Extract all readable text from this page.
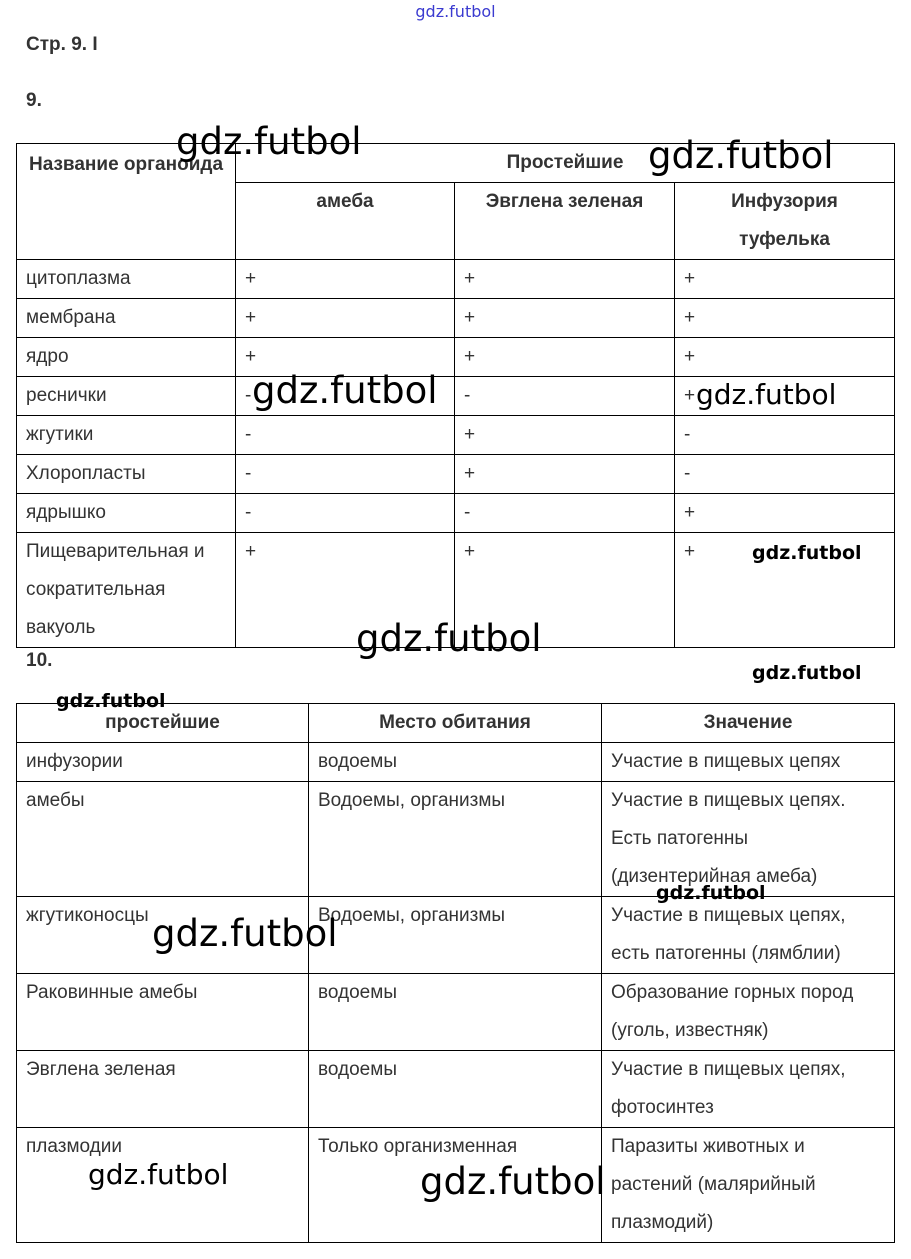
gdz.futbol
Стр. 9. I
9.
Название органоида	Простейшие		
	амеба	Эвглена зеленая	Инфузория туфелька
цитоплазма	+	+	+
мембрана	+	+	+
ядро	+	+	+
реснички	-	-	+
жгутики	-	+	-
Хлоропласты	-	+	-
ядрышко	-	-	+
Пищеварительная и сократительная вакуоль	+	+	+
10.
простейшие	Место обитания	Значение
инфузории	водоемы	Участие в пищевых цепях
амебы	Водоемы, организмы	Участие в пищевых цепях. Есть патогенны (дизентерийная амеба)
жгутиконосцы	Водоемы, организмы	Участие в пищевых цепях, есть патогенны (лямблии)
Раковинные амебы	водоемы	Образование горных пород (уголь, известняк)
Эвглена зеленая	водоемы	Участие в пищевых цепях, фотосинтез
плазмодии	Только организменная	Паразиты животных и растений (малярийный плазмодий)
gdz.futbol	gdz.futbol
gdz.futbol	gdz.futbol
gdz.futbol
gdz.futbol
gdz.futbol
gdz.futbol
gdz.futbol
gdz.futbol
gdz.futbol	gdz.futbol
